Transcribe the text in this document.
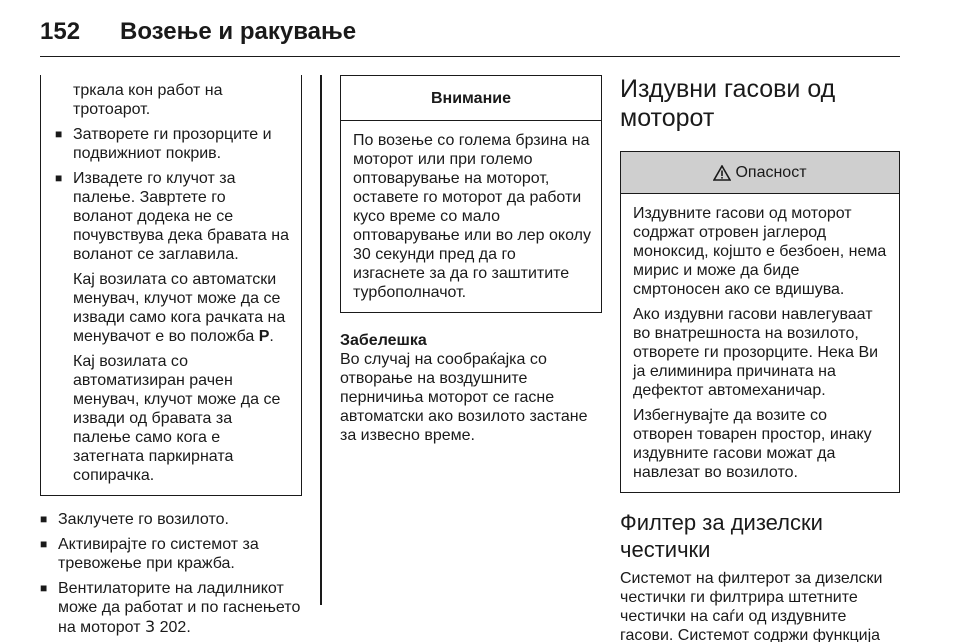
152	Возење и ракување
тркала кон работ на тротоарот.
■ Затворете ги прозорците и подвижниот покрив.
■ Извадете го клучот за палење. Завртете го воланот додека не се почувствува дека бравата на воланот се заглавила.
Кај возилата со автоматски менувач, клучот може да се извади само кога рачката на менувачот е во положба P.
Кај возилата со автоматизиран рачен менувач, клучот може да се извади од бравата за палење само кога е затегната паркирната сопирачка.
■ Заклучете го возилото.
■ Активирајте го системот за тревожење при кражба.
■ Вентилаторите на ладилникот може да работат и по гаснењето на моторот 3 202.
Внимание
По возење со голема брзина на моторот или при големо оптоварување на моторот, оставете го моторот да работи кусо време со мало оптоварување или во лер околу 30 секунди пред да го изгаснете за да го заштитите турбополначот.
Забелешка
Во случај на сообраќајка со отворање на воздушните перничиња моторот се гасне автоматски ако возилото застане за извесно време.
Издувни гасови од моторот
Опасност
Издувните гасови од моторот содржат отровен јаглерод моноксид, којшто е безбоен, нема мирис и може да биде смртоносен ако се вдишува.
Ако издувни гасови навлегуваат во внатрешноста на возилото, отворете ги прозорците. Нека Ви ја елиминира причината на дефектот автомеханичар.
Избегнувајте да возите со отворен товарен простор, инаку издувните гасови можат да навлезат во возилото.
Филтер за дизелски честички
Системот на филтерот за дизелски честички ги филтрира штетните честички на саѓи од издувните гасови. Системот содржи функција
